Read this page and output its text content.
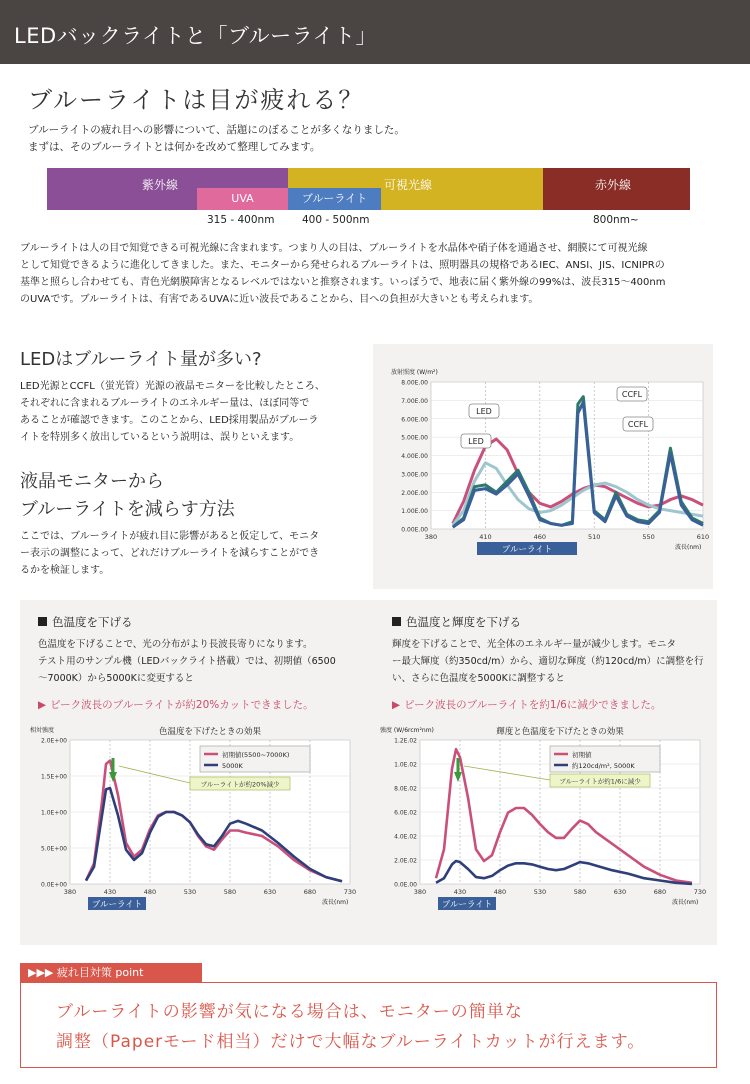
LEDバックライトと「ブルーライト」
ブルーライトは目が疲れる？
ブルーライトの疲れ目への影響について、話題にのぼることが多くなりました。
まずは、そのブルーライトとは何かを改めて整理してみます。
紫外線	可視光線	赤外線
UVA	ブルーライト
315 - 400nm	400 - 500nm	800nm~
ブルーライトは人の目で知覚できる可視光線に含まれます。つまり人の目は、ブルーライトを水晶体や硝子体を通過させ、網膜にて可視光線
として知覚できるように進化してきました。また、モニターから発せられるブルーライトは、照明器具の規格であるIEC、ANSI、JIS、ICNIPRの
基準と照らし合わせても、青色光網膜障害となるレベルではないと推察されます。いっぽうで、地表に届く紫外線の99%は、波長315～400nm
のUVAです。ブルーライトは、有害であるUVAに近い波長であることから、目への負担が大きいとも考えられます。
LEDはブルーライト量が多い?
LED光源とCCFL（蛍光管）光源の液晶モニターを比較したところ、
それぞれに含まれるブルーライトのエネルギー量は、ほぼ同等で
あることが確認できます。このことから、LED採用製品がブルーラ
イトを特別多く放出しているという説明は、誤りといえます。
液晶モニターから
ブルーライトを減らす方法
ここでは、ブルーライトが疲れ目に影響があると仮定して、モニタ
ー表示の調整によって、どれだけブルーライトを減らすことができ
るかを検証します。
0.00E.00
1.00E.00
2.00E.00
3.00E.00
4.00E.00
5.00E.00
6.00E.00
7.00E.00
8.00E.00
380	410	460	510	550	610
放射照度 (W/m²)
波長(nm)
ブルーライト
LED
LED
CCFL
CCFL
色温度を下げる
色温度を下げることで、光の分布がより長波長寄りになります。
テスト用のサンプル機（LEDバックライト搭載）では、初期値（6500
～7000K）から5000Kに変更すると
▶ ピーク波長のブルーライトが約20%カットできました。
色温度と輝度を下げる
輝度を下げることで、光全体のエネルギー量が減少します。モニタ
ー最大輝度（約350cd/m）から、適切な輝度（約120cd/m）に調整を行
い、さらに色温度を5000Kに調整すると
▶ ピーク波長のブルーライトを約1/6に減少できました。
0.0E+00
5.0E+00
1.0E+00
1.5E+00
2.0E+00
380	430	480	530	580	630	680	730
相対強度
波長(nm)
ブルーライト
色温度を下げたときの効果
初期値(5500~7000K)
5000K
ブルーライトが約20%減少
0.0E.00
2.0E.02
4.0E.02
6.0E.02
8.0E.02
1.0E.02
1.2E.02
380	430	480	530	580	630	680	730
強度 (W/6rcm²nm)
波長(nm)
ブルーライト
輝度と色温度を下げたときの効果
初期値
約120cd/m², 5000K
ブルーライトが約1/6に減少
▶▶▶ 疲れ目対策 point
ブルーライトの影響が気になる場合は、モニターの簡単な
調整（Paperモード相当）だけで大幅なブルーライトカットが行えます。
